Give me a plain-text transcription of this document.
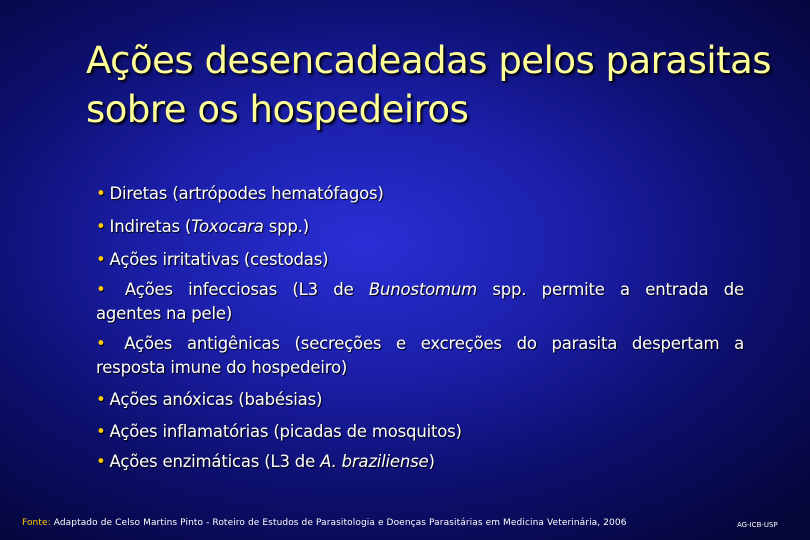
Ações desencadeadas pelos parasitas
sobre os hospedeiros
• Diretas (artrópodes hematófagos)
• Indiretas (Toxocara spp.)
• Ações irritativas (cestodas)
• Ações infecciosas (L3 de Bunostomum spp. permite a entrada de
agentes na pele)
• Ações antigênicas (secreções e excreções do parasita despertam a
resposta imune do hospedeiro)
• Ações anóxicas (babésias)
• Ações inflamatórias (picadas de mosquitos)
• Ações enzimáticas (L3 de A. braziliense)
Fonte: Adaptado de Celso Martins Pinto - Roteiro de Estudos de Parasitologia e Doenças Parasitárias em Medicina Veterinária, 2006	AG-ICB-USP
